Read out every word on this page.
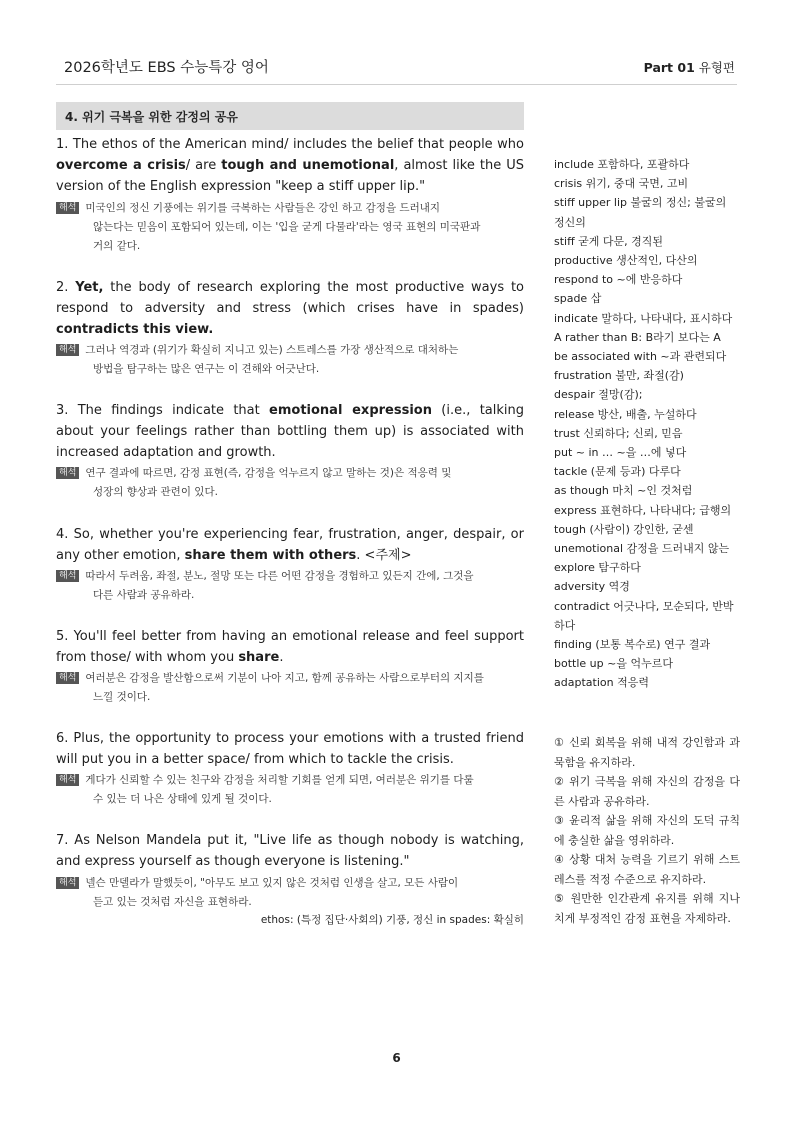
2026학년도 EBS 수능특강 영어	Part 01 유형편
4. 위기 극복을 위한 감정의 공유

1. The ethos of the American mind/ includes the belief that people who overcome a crisis/ are tough and unemotional, almost like the US version of the English expression "keep a stiff upper lip."

해석 미국인의 정신 기풍에는 위기를 극복하는 사람들은 강인 하고 감정을 드러내지
않는다는 믿음이 포함되어 있는데, 이는 '입을 굳게 다물라'라는 영국 표현의 미국판과
거의 같다.

2. Yet, the body of research exploring the most productive ways to respond to adversity and stress (which crises have in spades) contradicts this view.

해석 그러나 역경과 (위기가 확실히 지니고 있는) 스트레스를 가장 생산적으로 대처하는
방법을 탐구하는 많은 연구는 이 견해와 어긋난다.

3. The findings indicate that emotional expression (i.e., talking about your feelings rather than bottling them up) is associated with increased adaptation and growth.

해석 연구 결과에 따르면, 감정 표현(즉, 감정을 억누르지 않고 말하는 것)은 적응력 및
성장의 향상과 관련이 있다.

4. So, whether you're experiencing fear, frustration, anger, despair, or any other emotion, share them with others. <주제>

해석 따라서 두려움, 좌절, 분노, 절망 또는 다른 어떤 감정을 경험하고 있든지 간에, 그것을
다른 사람과 공유하라.

5. You'll feel better from having an emotional release and feel support from those/ with whom you share.

해석 여러분은 감정을 발산함으로써 기분이 나아 지고, 함께 공유하는 사람으로부터의 지지를
느낄 것이다.

6. Plus, the opportunity to process your emotions with a trusted friend will put you in a better space/ from which to tackle the crisis.

해석 게다가 신뢰할 수 있는 친구와 감정을 처리할 기회를 얻게 되면, 여러분은 위기를 다룰
수 있는 더 나은 상태에 있게 될 것이다.

7. As Nelson Mandela put it, "Live life as though nobody is watching, and express yourself as though everyone is listening."

해석 넬슨 만델라가 말했듯이, "아무도 보고 있지 않은 것처럼 인생을 살고, 모든 사람이
듣고 있는 것처럼 자신을 표현하라.
ethos: (특정 집단·사회의) 기풍, 정신 in spades: 확실히
include 포함하다, 포괄하다
crisis 위기, 중대 국면, 고비
stiff upper lip 불굴의 정신; 불굴의 정신의
stiff 굳게 다문, 경직된
productive 생산적인, 다산의
respond to ~에 반응하다
spade 삽
indicate 말하다, 나타내다, 표시하다
A rather than B: B라기 보다는 A
be associated with ~과 관련되다
frustration 불만, 좌절(감)
despair 절망(감);
release 방산, 배출, 누설하다
trust 신뢰하다; 신뢰, 믿음
put ~ in … ~을 …에 넣다
tackle (문제 등과) 다루다
as though 마치 ~인 것처럼
express 표현하다, 나타내다; 급행의
tough (사람이) 강인한, 굳센
unemotional 감정을 드러내지 않는
explore 탐구하다
adversity 역경
contradict 어긋나다, 모순되다, 반박하다
finding (보통 복수로) 연구 결과
bottle up ~을 억누르다
adaptation 적응력
① 신뢰 회복을 위해 내적 강인함과 과묵함을 유지하라.
② 위기 극복을 위해 자신의 감정을 다른 사람과 공유하라.
③ 윤리적 삶을 위해 자신의 도덕 규칙에 충실한 삶을 영위하라.
④ 상황 대처 능력을 기르기 위해 스트레스를 적정 수준으로 유지하라.
⑤ 원만한 인간관계 유지를 위해 지나치게 부정적인 감정 표현을 자제하라.
6
